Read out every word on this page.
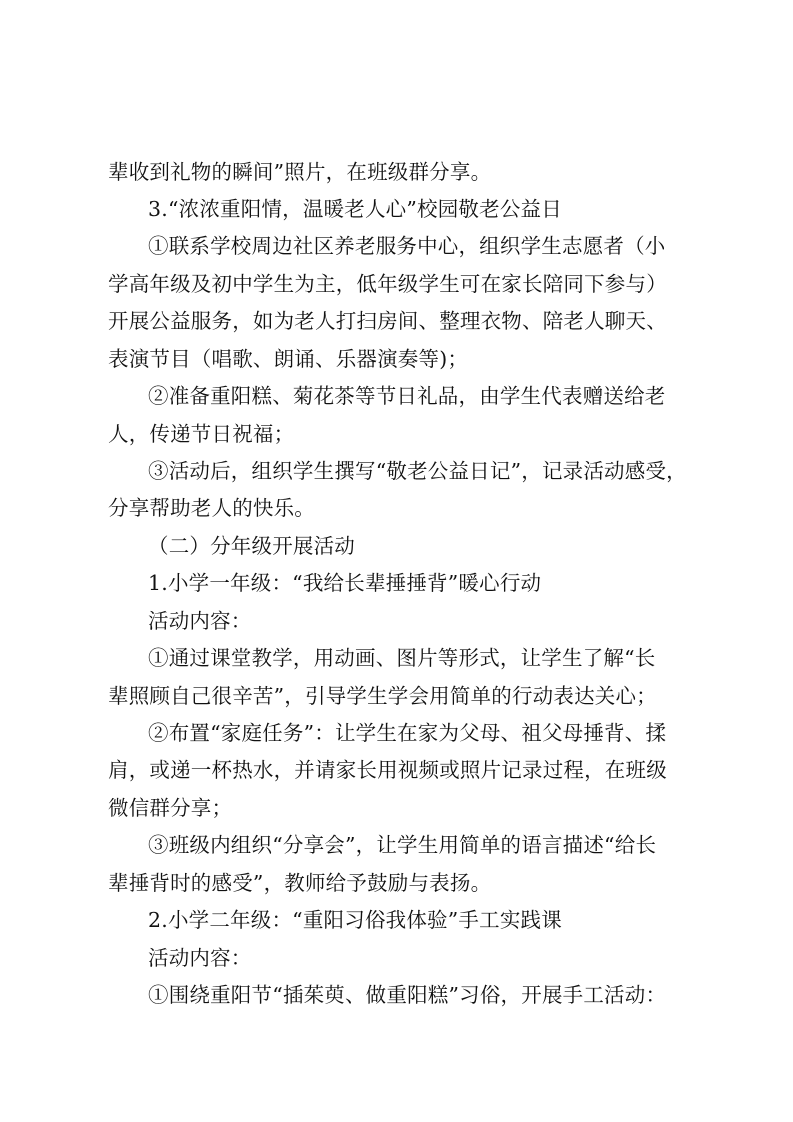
辈收到礼物的瞬间”照片，在班级群分享。
3.“浓浓重阳情，温暖老人心”校园敬老公益日
①联系学校周边社区养老服务中心，组织学生志愿者（小
学高年级及初中学生为主，低年级学生可在家长陪同下参与）
开展公益服务，如为老人打扫房间、整理衣物、陪老人聊天、
表演节目（唱歌、朗诵、乐器演奏等)；
②准备重阳糕、菊花茶等节日礼品，由学生代表赠送给老
人，传递节日祝福；
③活动后，组织学生撰写“敬老公益日记”，记录活动感受，
分享帮助老人的快乐。
（二）分年级开展活动
1.小学一年级：“我给长辈捶捶背”暖心行动
活动内容：
①通过课堂教学，用动画、图片等形式，让学生了解“长
辈照顾自己很辛苦”，引导学生学会用简单的行动表达关心；
②布置“家庭任务”：让学生在家为父母、祖父母捶背、揉
肩，或递一杯热水，并请家长用视频或照片记录过程，在班级
微信群分享；
③班级内组织“分享会”，让学生用简单的语言描述“给长
辈捶背时的感受”，教师给予鼓励与表扬。
2.小学二年级：“重阳习俗我体验”手工实践课
活动内容：
①围绕重阳节“插茱萸、做重阳糕”习俗，开展手工活动：
